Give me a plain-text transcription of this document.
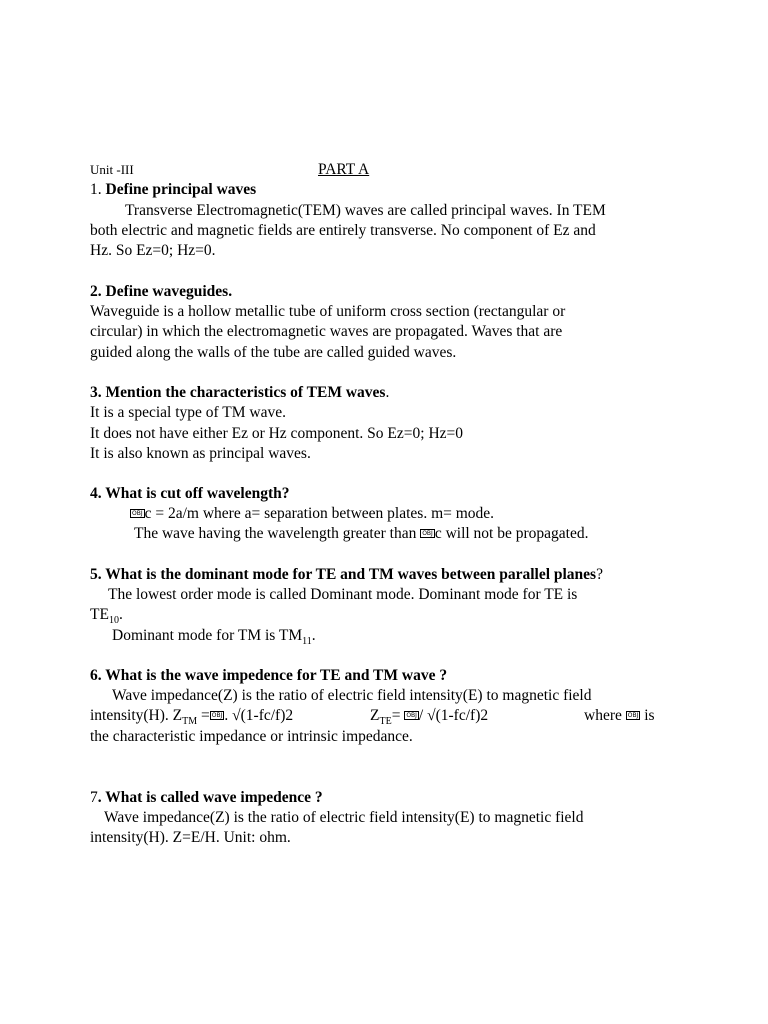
Unit -III	PART A
1. Define principal waves
Transverse Electromagnetic(TEM) waves are called principal waves. In TEM
both electric and magnetic fields are entirely transverse. No component of Ez and
Hz. So Ez=0; Hz=0.
2. Define waveguides.
Waveguide is a hollow metallic tube of uniform cross section (rectangular or
circular) in which the electromagnetic waves are propagated. Waves that are
guided along the walls of the tube are called guided waves.
3. Mention the characteristics of TEM waves.
It is a special type of TM wave.
It does not have either Ez or Hz component. So Ez=0; Hz=0
It is also known as principal waves.
4. What is cut off wavelength?
OBJ c = 2a/m where a= separation between plates. m= mode.
The wave having the wavelength greater than OBJ c will not be propagated.
5. What is the dominant mode for TE and TM waves between parallel planes?
The lowest order mode is called Dominant mode. Dominant mode for TE is
$TE_{10}$.
Dominant mode for TM is $TM_{11}$.
6. What is the wave impedence for TE and TM wave ?
Wave impedance(Z) is the ratio of electric field intensity(E) to magnetic field
intensity(H). $Z_{TM}$ = OBJ . √(1-fc/f)2	$Z_{TE}=$ OBJ / √(1-fc/f)2	where OBJ is
the characteristic impedance or intrinsic impedance.
7. What is called wave impedence ?
Wave impedance(Z) is the ratio of electric field intensity(E) to magnetic field
intensity(H). Z=E/H. Unit: ohm.
